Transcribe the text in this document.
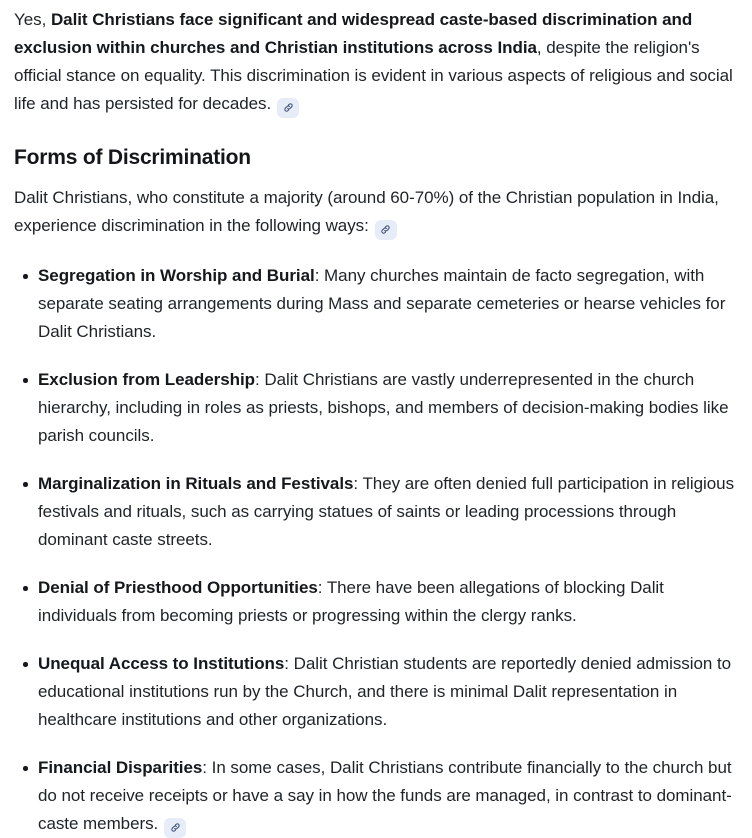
Yes, Dalit Christians face significant and widespread caste-based discrimination and exclusion within churches and Christian institutions across India, despite the religion's official stance on equality. This discrimination is evident in various aspects of religious and social life and has persisted for decades.

Forms of Discrimination

Dalit Christians, who constitute a majority (around 60-70%) of the Christian population in India, experience discrimination in the following ways:

Segregation in Worship and Burial: Many churches maintain de facto segregation, with separate seating arrangements during Mass and separate cemeteries or hearse vehicles for Dalit Christians.
Exclusion from Leadership: Dalit Christians are vastly underrepresented in the church hierarchy, including in roles as priests, bishops, and members of decision-making bodies like parish councils.
Marginalization in Rituals and Festivals: They are often denied full participation in religious festivals and rituals, such as carrying statues of saints or leading processions through dominant caste streets.
Denial of Priesthood Opportunities: There have been allegations of blocking Dalit individuals from becoming priests or progressing within the clergy ranks.
Unequal Access to Institutions: Dalit Christian students are reportedly denied admission to educational institutions run by the Church, and there is minimal Dalit representation in healthcare institutions and other organizations.
Financial Disparities: In some cases, Dalit Christians contribute financially to the church but do not receive receipts or have a say in how the funds are managed, in contrast to dominant-caste members.
